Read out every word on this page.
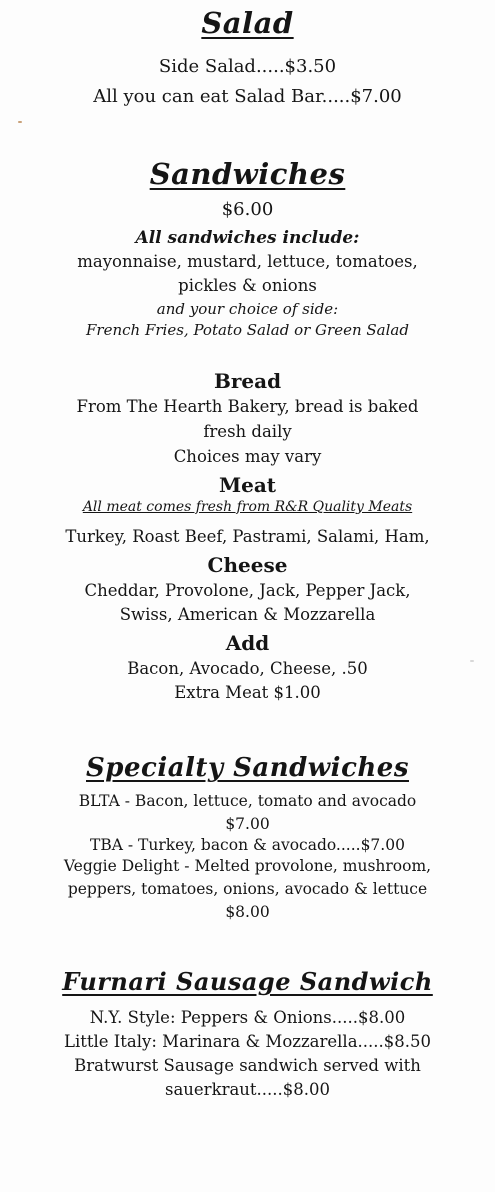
Salad
Side Salad.....$3.50
All you can eat Salad Bar.....$7.00
Sandwiches
$6.00
All sandwiches include:
mayonnaise, mustard, lettuce, tomatoes,
pickles & onions
and your choice of side:
French Fries, Potato Salad or Green Salad
Bread
From The Hearth Bakery, bread is baked
fresh daily
Choices may vary
Meat
All meat comes fresh from R&R Quality Meats
Turkey, Roast Beef, Pastrami, Salami, Ham,
Cheese
Cheddar, Provolone, Jack, Pepper Jack,
Swiss, American & Mozzarella
Add
Bacon, Avocado, Cheese, .50
Extra Meat $1.00
Specialty Sandwiches
BLTA - Bacon, lettuce, tomato and avocado
$7.00
TBA - Turkey, bacon & avocado.....$7.00
Veggie Delight - Melted provolone, mushroom,
peppers, tomatoes, onions, avocado & lettuce
$8.00
Furnari Sausage Sandwich
N.Y. Style: Peppers & Onions.....$8.00
Little Italy: Marinara & Mozzarella.....$8.50
Bratwurst Sausage sandwich served with
sauerkraut.....$8.00
